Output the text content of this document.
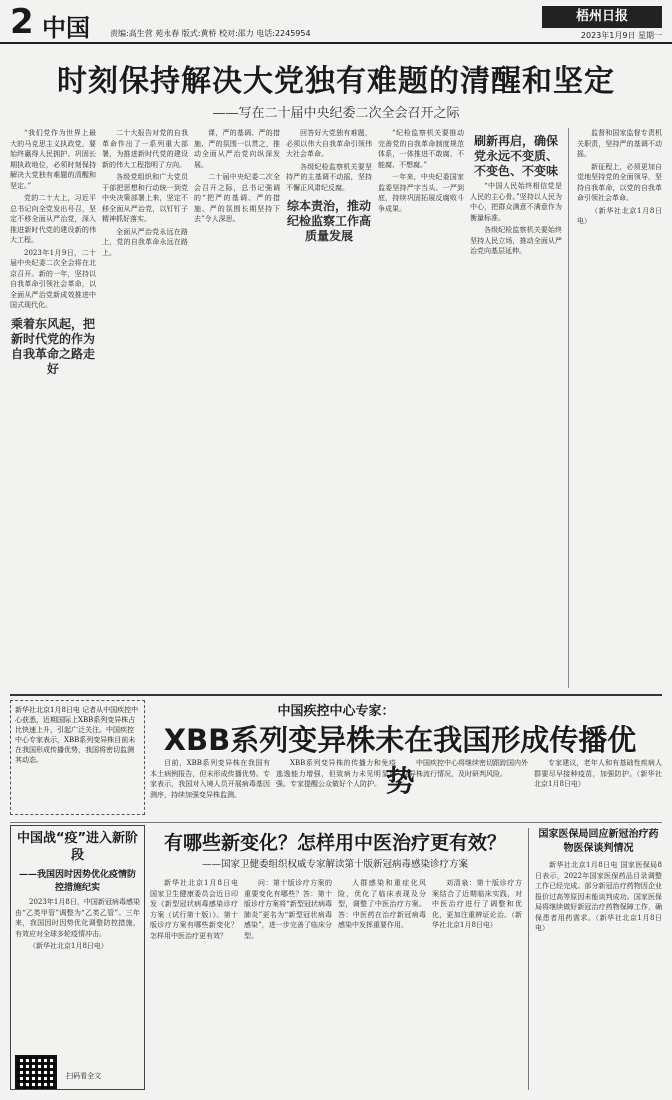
2 中国	责编:高生营 苑永春 版式:黄桥 校对:邵力 电话:2245954
梧州日报
2023年1月9日 星期一
时刻保持解决大党独有难题的清醒和坚定
——写在二十届中央纪委二次全会召开之际

“我们党作为世界上最大的马克思主义执政党，要始终赢得人民拥护、巩固长期执政地位，必须时刻保持解决大党独有难题的清醒和坚定。”

党的二十大上，习近平总书记向全党发出号召，坚定不移全面从严治党，深入推进新时代党的建设新的伟大工程。

2023年1月9日，二十届中央纪委二次全会将在北京召开。新的一年，坚持以自我革命引领社会革命，以全面从严治党新成效推进中国式现代化。

乘着东风起，把新时代党的作为自我革命之路走好

二十大报告对党的自我革命作出了一系列重大部署，为推进新时代党的建设新的伟大工程指明了方向。

各级党组织和广大党员干部把思想和行动统一到党中央决策部署上来，坚定不移全面从严治党，以钉钉子精神抓好落实。

全面从严治党永远在路上，党的自我革命永远在路上。

课，严的基调、严的措施、严的氛围一以贯之，推动全面从严治党向纵深发展。

二十届中央纪委二次全会召开之际，总书记强调的“把严的基调、严的措施、严的氛围长期坚持下去”令人深思。

回答好大党独有难题，必须以伟大自我革命引领伟大社会革命。

各级纪检监察机关要坚持严的主基调不动摇，坚持不懈正风肃纪反腐。

综本责治，推动纪检监察工作高质量发展

“纪检监察机关要推动完善党的自我革命制度规范体系，一体推进不敢腐、不能腐、不想腐。”

一年来，中央纪委国家监委坚持严字当头、一严到底，持续巩固拓展反腐败斗争成果。

刷新再启，确保党永远不变质、不变色、不变味

“中国人民始终相信党是人民的主心骨。”坚持以人民为中心，把群众满意不满意作为衡量标准。

各级纪检监察机关要始终坚持人民立场，推动全面从严治党向基层延伸。

监督和国家监督专责机关职责，坚持严的基调不动摇。

新征程上，必须更加自觉地坚持党的全面领导，坚持自我革命，以党的自我革命引领社会革命。

（新华社北京1月8日电）

新华社北京1月8日电 记者从中国疾控中心获悉，近期国际上XBB系列变异株占比快速上升，引起广泛关注。中国疾控中心专家表示，XBB系列变异株目前未在我国形成传播优势，我国将密切监测其动态。
中国疾控中心专家：
XBB系列变异株未在我国形成传播优势

目前，XBB系列变异株在我国有本土病例报告，但未形成传播优势。专家表示，我国对入境人员开展病毒基因测序，持续加强变异株监测。

XBB系列变异株的传播力和免疫逃逸能力增强，但致病力未见明显增强。专家提醒公众做好个人防护。

中国疾控中心将继续密切跟踪国内外变异株流行情况，及时研判风险。

专家建议，老年人和有基础性疾病人群要尽早接种疫苗，加强防护。（新华社北京1月8日电）

中国战“疫”进入新阶段
——我国因时因势优化疫情防控措施纪实

2023年1月8日，中国新冠病毒感染由“乙类甲管”调整为“乙类乙管”。三年来，我国因时因势优化调整防控措施，有效应对全球多轮疫情冲击。

（新华社北京1月8日电）

扫码看全文
有哪些新变化？怎样用中医治疗更有效？
——国家卫健委组织权威专家解读第十版新冠病毒感染诊疗方案

新华社北京1月8日电 国家卫生健康委员会近日印发《新型冠状病毒感染诊疗方案（试行第十版）》。第十版诊疗方案有哪些新变化？怎样用中医治疗更有效？

问：第十版诊疗方案的重要变化有哪些？答：第十版诊疗方案将“新型冠状病毒肺炎”更名为“新型冠状病毒感染”，进一步完善了临床分型。

人群感染和重症化风险，优化了临床表现及分型，调整了中医治疗方案。答：中医药在治疗新冠病毒感染中发挥重要作用。

刘清泉：第十版诊疗方案结合了近期临床实践，对中医治疗进行了调整和优化，更加注重辨证论治。（新华社北京1月8日电）

国家医保局回应新冠治疗药物医保谈判情况

新华社北京1月8日电 国家医保局8日表示，2022年国家医保药品目录调整工作已经完成。部分新冠治疗药物因企业报价过高等原因未能谈判成功。国家医保局将继续做好新冠治疗药物保障工作，确保患者用药需求。（新华社北京1月8日电）
